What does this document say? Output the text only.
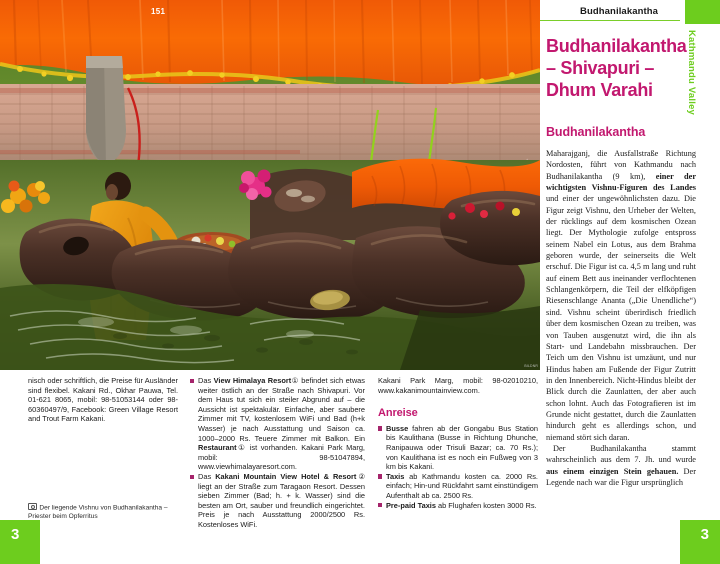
BILDNR
Budhanilakantha
151
Kathmandu Valley
Budhanilakantha
– Shivapuri –
Dhum Varahi
Budhanilakantha

Maharajganj, die Ausfallstraße Richtung Nordosten, führt von Kathmandu nach Budhanilakantha (9 km), einer der wichtigsten Vishnu-Figuren des Landes und einer der ungewöhnlichsten dazu. Die Figur zeigt Vishnu, den Urheber der Welten, der rücklings auf dem kosmischen Ozean liegt. Der Mythologie zufolge entspross seinem Nabel ein Lotus, aus dem Brahma geboren wurde, der seinerseits die Welt erschuf. Die Figur ist ca. 4,5 m lang und ruht auf einem Bett aus ineinander verflochtenen Schlangenkörpern, die Teil der elfköpfigen Riesenschlange Ananta („Die Unendliche“) sind. Vishnu scheint überirdisch friedlich über dem kosmischen Ozean zu treiben, was von Tauben ausgenutzt wird, die ihn als Start- und Landebahn missbrauchen. Der Teich um den Vishnu ist umzäunt, und nur Hindus haben am Fußende der Figur Zutritt in den Innenbereich. Nicht-Hindus bleibt der Blick durch die Zaunlatten, der aber auch schon lohnt. Auch das Fotografieren ist im Grunde nicht gestattet, durch die Zaunlatten hindurch geht es allerdings schon, und niemand stört sich daran.

Der Budhanilakantha stammt wahrscheinlich aus dem 7. Jh. und wurde aus einem einzigen Stein gehauen. Der Legende nach war die Figur ursprünglich

Der liegende Vishnu von Budhanilakantha – Priester beim Opferritus

nisch oder schriftlich, die Preise für Ausländer sind flexibel. Kakani Rd., Okhar Pauwa, Tel. 01-621 8065, mobil: 98-51053144 oder 98-60360497/9, Facebook: Green Village Resort and Trout Farm Kakani.

Das View Himalaya Resort① befindet sich etwas weiter östlich an der Straße nach Shivapuri. Vor dem Haus tut sich ein steiler Abgrund auf – die Aussicht ist spektakulär. Einfache, aber saubere Zimmer mit TV, kostenlosem WiFi und Bad (h+k Wasser) je nach Ausstattung und Saison ca. 1000–2000 Rs. Teuere Zimmer mit Balkon. Ein Restaurant① ist vorhanden. Kakani Park Marg, mobil: 98-51047894, www.viewhimalayaresort.com.

Das Kakani Mountain View Hotel & Resort② liegt an der Straße zum Taragaon Resort. Dessen sieben Zimmer (Bad; h. + k. Wasser) sind die besten am Ort, sauber und freundlich eingerichtet. Preis je nach Ausstattung 2000/2500 Rs. Kostenloses WiFi.

Kakani Park Marg, mobil: 98-02010210, www.kakanimountainview.com.

Anreise

Busse fahren ab der Gongabu Bus Station bis Kaulithana (Busse in Richtung Dhunche, Ranipauwa oder Trisuli Bazar; ca. 70 Rs.); von Kaulithana ist es noch ein Fußweg von 3 km bis Kakani.

Taxis ab Kathmandu kosten ca. 2000 Rs. einfach; Hin-und Rückfahrt samt einstündigem Aufenthalt ab ca. 2500 Rs.

Pre-paid Taxis ab Flughafen kosten 3000 Rs.

3	3
